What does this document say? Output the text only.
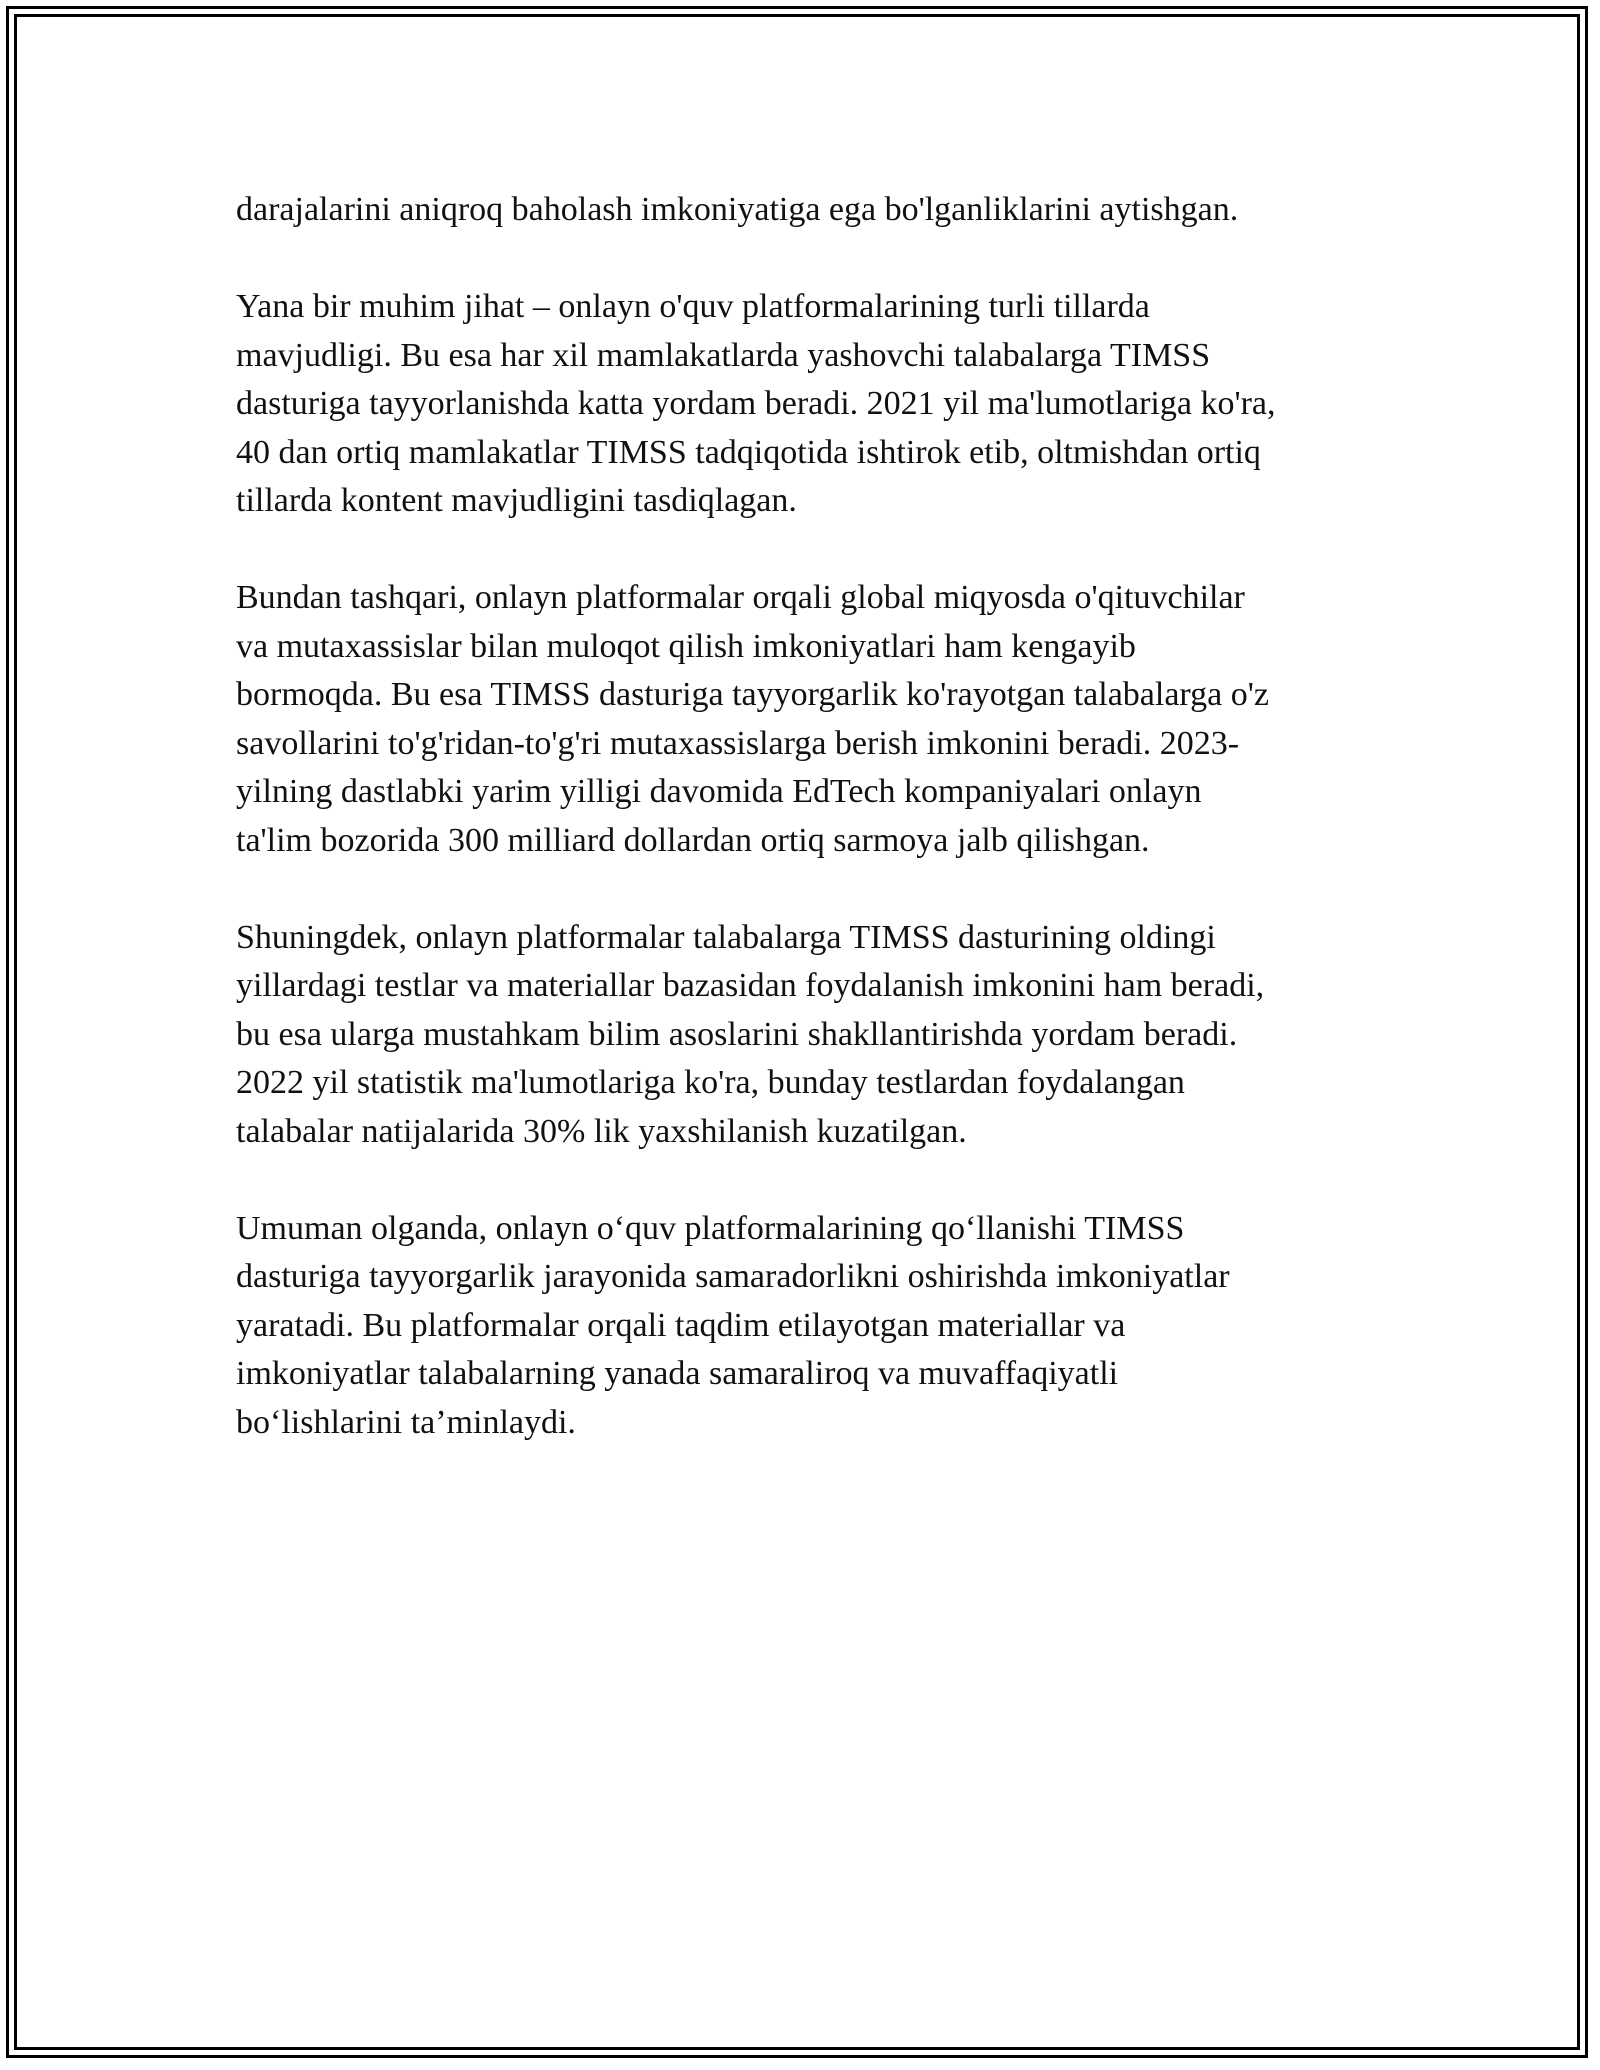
darajalarini aniqroq baholash imkoniyatiga ega bo'lganliklarini aytishgan.

Yana bir muhim jihat – onlayn o'quv platformalarining turli tillarda
mavjudligi. Bu esa har xil mamlakatlarda yashovchi talabalarga TIMSS
dasturiga tayyorlanishda katta yordam beradi. 2021 yil ma'lumotlariga ko'ra,
40 dan ortiq mamlakatlar TIMSS tadqiqotida ishtirok etib, oltmishdan ortiq
tillarda kontent mavjudligini tasdiqlagan.

Bundan tashqari, onlayn platformalar orqali global miqyosda o'qituvchilar
va mutaxassislar bilan muloqot qilish imkoniyatlari ham kengayib
bormoqda. Bu esa TIMSS dasturiga tayyorgarlik ko'rayotgan talabalarga o'z
savollarini to'g'ridan-to'g'ri mutaxassislarga berish imkonini beradi. 2023-
yilning dastlabki yarim yilligi davomida EdTech kompaniyalari onlayn
ta'lim bozorida 300 milliard dollardan ortiq sarmoya jalb qilishgan.

Shuningdek, onlayn platformalar talabalarga TIMSS dasturining oldingi
yillardagi testlar va materiallar bazasidan foydalanish imkonini ham beradi,
bu esa ularga mustahkam bilim asoslarini shakllantirishda yordam beradi.
2022 yil statistik ma'lumotlariga ko'ra, bunday testlardan foydalangan
talabalar natijalarida 30% lik yaxshilanish kuzatilgan.

Umuman olganda, onlayn o‘quv platformalarining qo‘llanishi TIMSS
dasturiga tayyorgarlik jarayonida samaradorlikni oshirishda imkoniyatlar
yaratadi. Bu platformalar orqali taqdim etilayotgan materiallar va
imkoniyatlar talabalarning yanada samaraliroq va muvaffaqiyatli
bo‘lishlarini ta’minlaydi.
